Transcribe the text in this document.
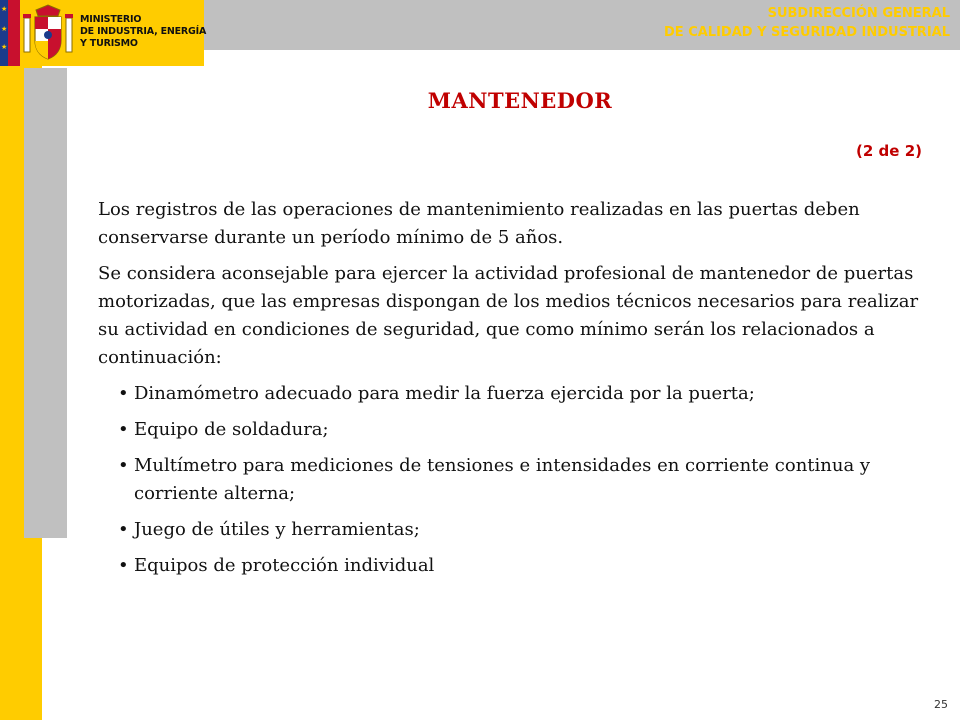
★
★
★
MINISTERIO
DE INDUSTRIA, ENERGÍA
Y TURISMO
SUBDIRECCIÓN GENERAL
DE CALIDAD Y SEGURIDAD INDUSTRIAL
MANTENEDOR
(2 de 2)

Los registros de las operaciones de mantenimiento realizadas en las puertas deben conservarse durante un período mínimo de 5 años.

Se considera aconsejable para ejercer la actividad profesional de mantenedor de puertas motorizadas, que las empresas dispongan de los medios técnicos necesarios para realizar su actividad en condiciones de seguridad, que como mínimo serán los relacionados a continuación:

• Dinamómetro adecuado para medir la fuerza ejercida por la puerta;
• Equipo de soldadura;
• Multímetro para mediciones de tensiones e intensidades en corriente continua y corriente alterna;
• Juego de útiles y herramientas;
• Equipos de protección individual
25
